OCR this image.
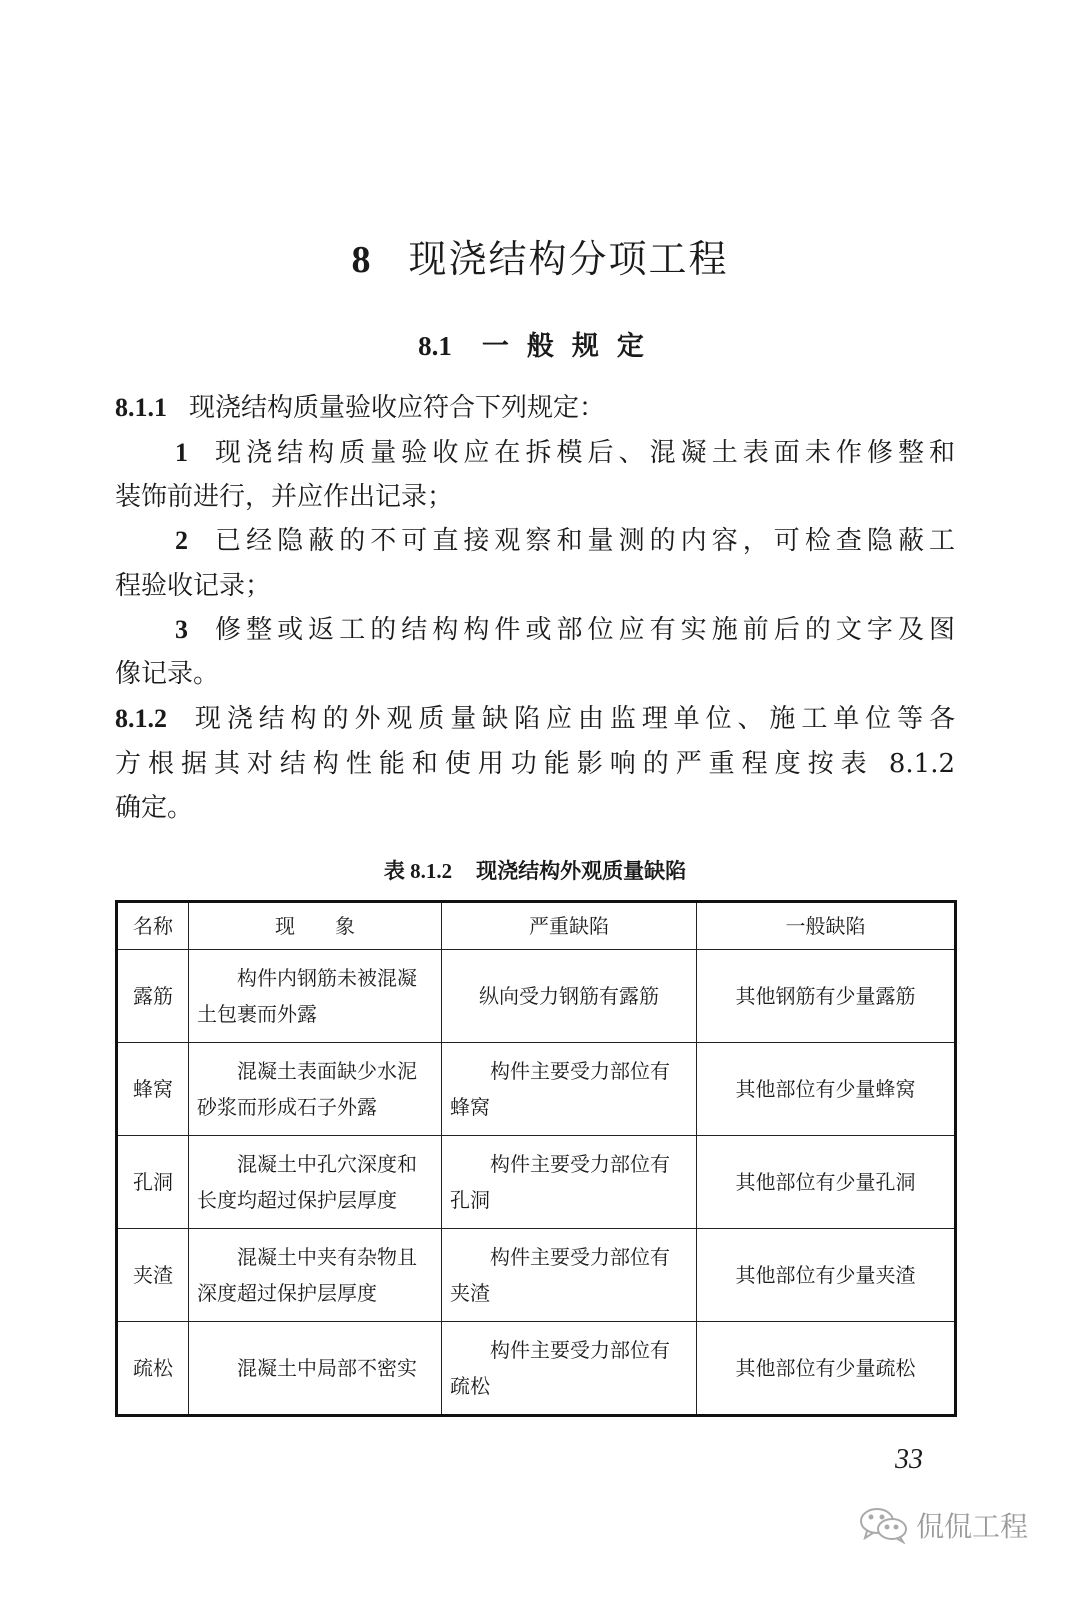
8 现浇结构分项工程
8.1 一般规定
8.1.1 现浇结构质量验收应符合下列规定：
1 现浇结构质量验收应在拆模后、混凝土表面未作修整和
装饰前进行，并应作出记录；
2 已经隐蔽的不可直接观察和量测的内容，可检查隐蔽工
程验收记录；
3 修整或返工的结构构件或部位应有实施前后的文字及图
像记录。
8.1.2 现浇结构的外观质量缺陷应由监理单位、施工单位等各
方根据其对结构性能和使用功能影响的严重程度按表 8.1.2
确定。
表 8.1.2 现浇结构外观质量缺陷
名称	现　　象	严重缺陷	一般缺陷
露筋	构件内钢筋未被混凝土包裹而外露	纵向受力钢筋有露筋	其他钢筋有少量露筋
蜂窝	混凝土表面缺少水泥砂浆而形成石子外露	构件主要受力部位有蜂窝	其他部位有少量蜂窝
孔洞	混凝土中孔穴深度和长度均超过保护层厚度	构件主要受力部位有孔洞	其他部位有少量孔洞
夹渣	混凝土中夹有杂物且深度超过保护层厚度	构件主要受力部位有夹渣	其他部位有少量夹渣
疏松	混凝土中局部不密实	构件主要受力部位有疏松	其他部位有少量疏松
33
侃侃工程
